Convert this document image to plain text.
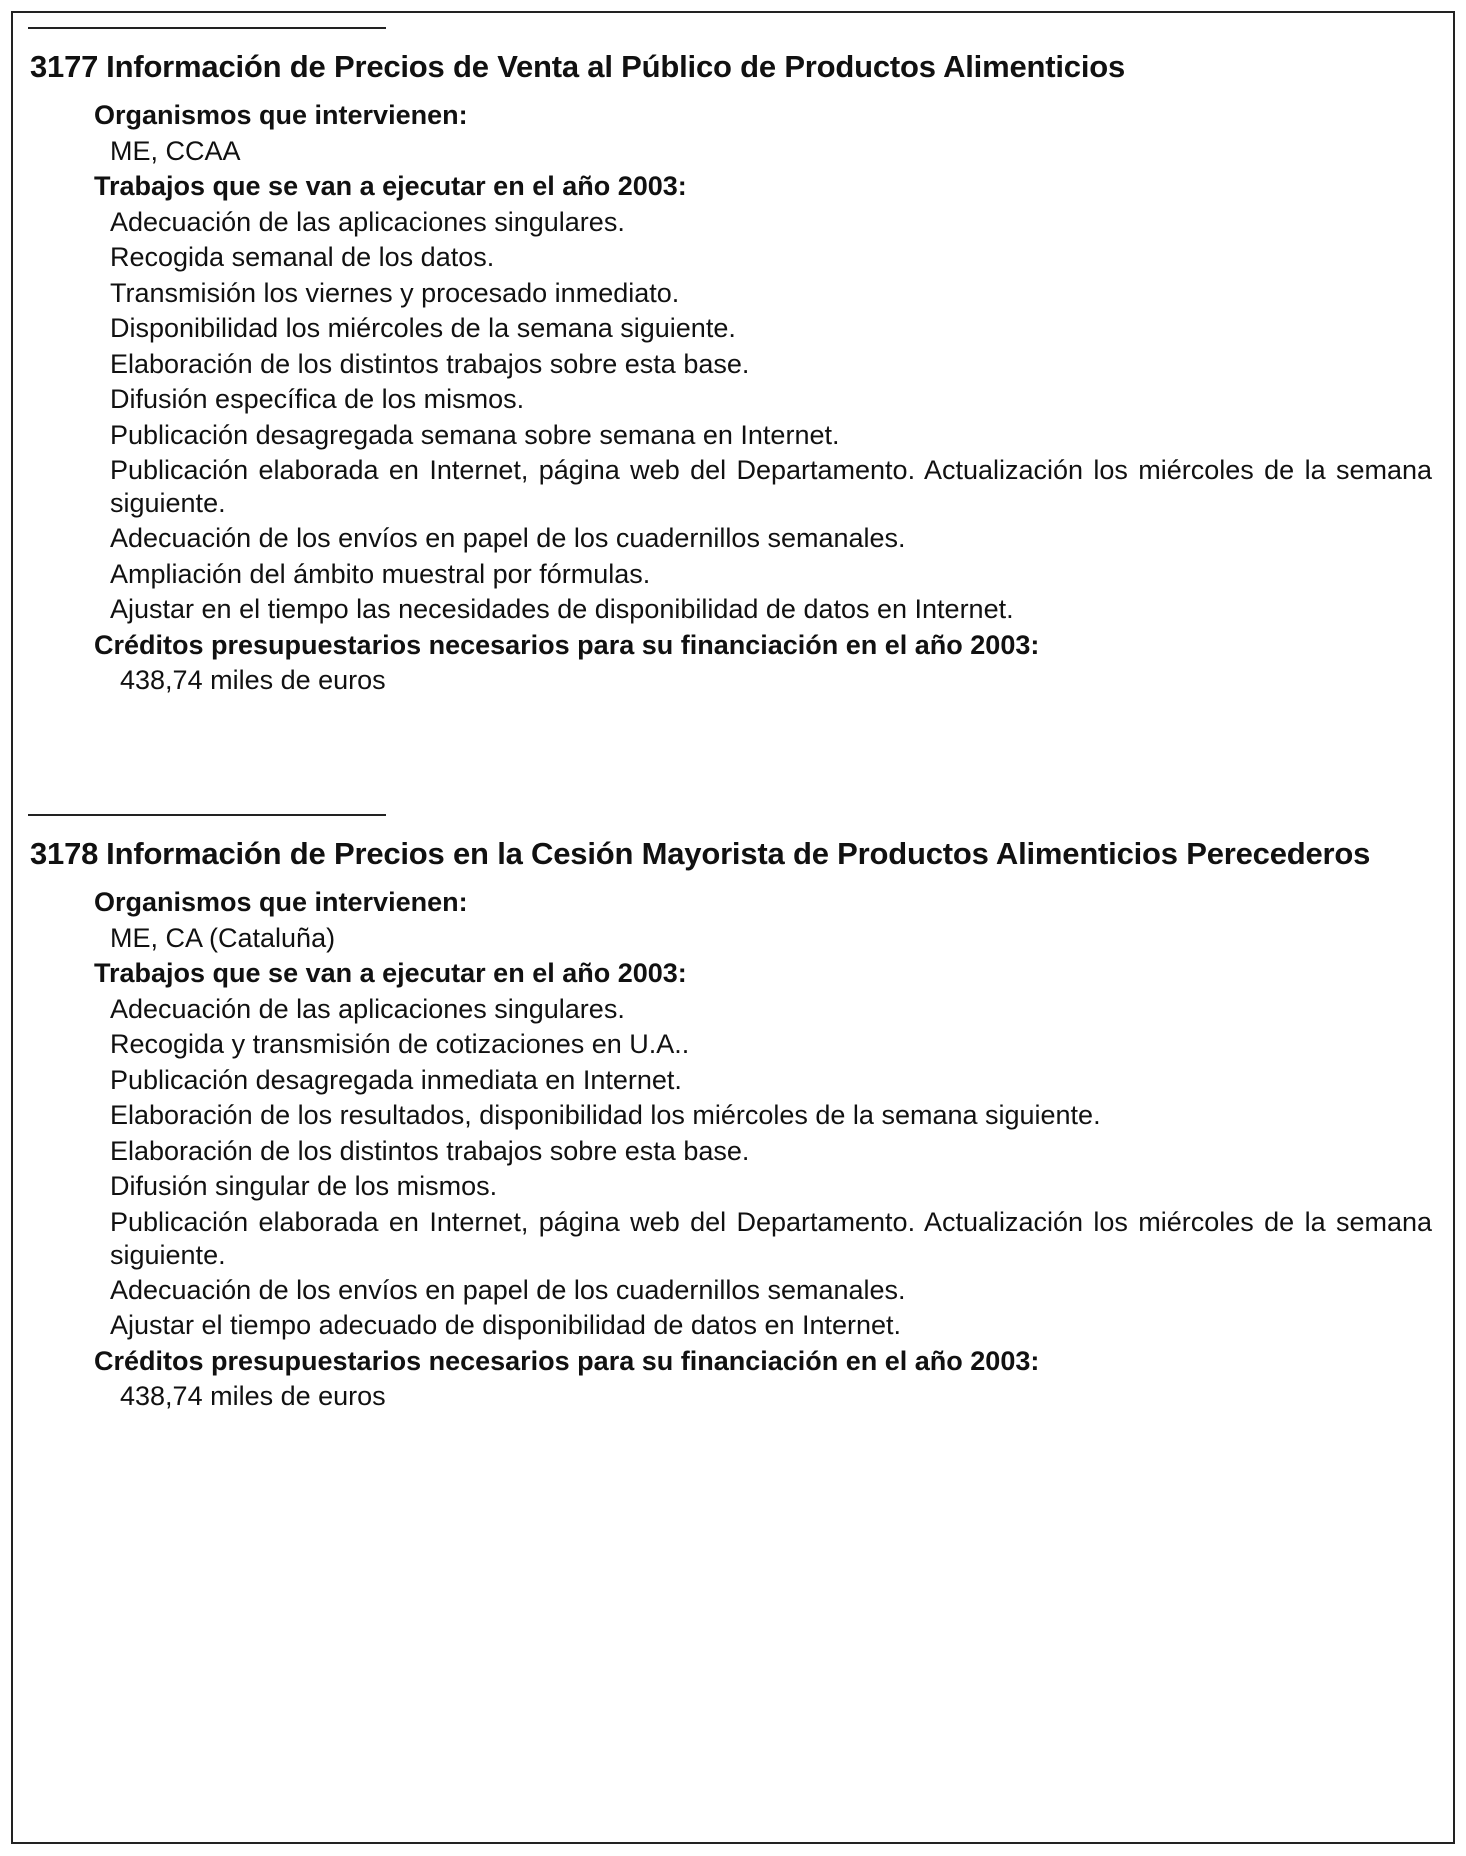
3177 Información de Precios de Venta al Público de Productos Alimenticios
Organismos que intervienen:
ME, CCAA
Trabajos que se van a ejecutar en el año 2003:
Adecuación de las aplicaciones singulares.
Recogida semanal de los datos.
Transmisión los viernes y procesado inmediato.
Disponibilidad los miércoles de la semana siguiente.
Elaboración de los distintos trabajos sobre esta base.
Difusión específica de los mismos.
Publicación desagregada semana sobre semana en Internet.
Publicación elaborada en Internet, página web del Departamento. Actualización los miércoles de la semana siguiente.
Adecuación de los envíos en papel de los cuadernillos semanales.
Ampliación del ámbito muestral por fórmulas.
Ajustar en el tiempo las necesidades de disponibilidad de datos en Internet.
Créditos presupuestarios necesarios para su financiación en el año 2003:
438,74 miles de euros
3178 Información de Precios en la Cesión Mayorista de Productos Alimenticios Perecederos
Organismos que intervienen:
ME, CA (Cataluña)
Trabajos que se van a ejecutar en el año 2003:
Adecuación de las aplicaciones singulares.
Recogida y transmisión de cotizaciones en U.A..
Publicación desagregada inmediata en Internet.
Elaboración de los resultados, disponibilidad los miércoles de la semana siguiente.
Elaboración de los distintos trabajos sobre esta base.
Difusión singular de los mismos.
Publicación elaborada en Internet, página web del Departamento. Actualización los miércoles de la semana siguiente.
Adecuación de los envíos en papel de los cuadernillos semanales.
Ajustar el tiempo adecuado de disponibilidad de datos en Internet.
Créditos presupuestarios necesarios para su financiación en el año 2003:
438,74 miles de euros
